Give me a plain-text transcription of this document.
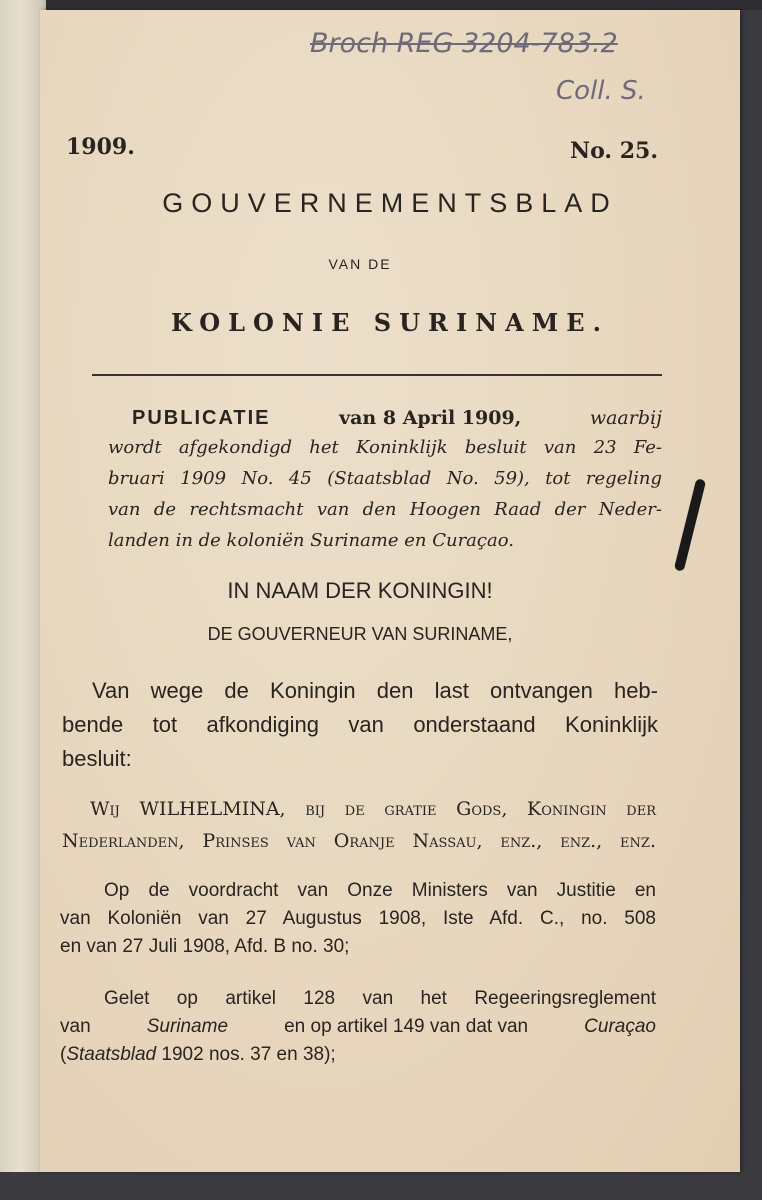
Broch REG 3204-783.2
Coll. S.
1909.	No. 25.
GOUVERNEMENTSBLAD
VAN DE
KOLONIE SURINAME.
PUBLICATIE	van 8 April 1909,	waarbij
wordt afgekondigd het Koninklijk besluit van 23 Fe-
bruari 1909 No. 45 (Staatsblad No. 59), tot regeling
van de rechtsmacht van den Hoogen Raad der Neder-
landen in de koloniën Suriname en Curaçao.
IN NAAM DER KONINGIN!
DE GOUVERNEUR VAN SURINAME,
Van wege de Koningin den last ontvangen heb-
bende tot afkondiging van onderstaand Koninklijk
besluit:
Wij WILHELMINA, bij de gratie Gods, Koningin der
Nederlanden, Prinses van Oranje Nassau, enz., enz., enz.
Op de voordracht van Onze Ministers van Justitie en
van Koloniën van 27 Augustus 1908, Iste Afd. C., no. 508
en van 27 Juli 1908, Afd. B no. 30;
Gelet op artikel 128 van het Regeeringsreglement
van	Suriname	en op artikel 149 van dat van	Curaçao
(Staatsblad 1902 nos. 37 en 38);
